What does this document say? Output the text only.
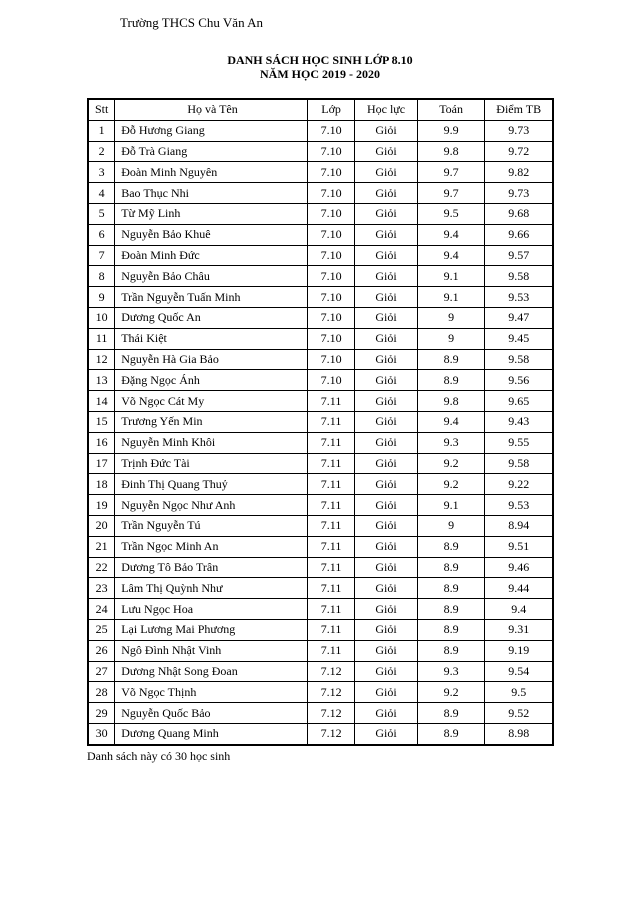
Trường THCS Chu Văn An
DANH SÁCH HỌC SINH LỚP 8.10
NĂM HỌC 2019 - 2020
Stt	Họ và Tên	Lớp	Học lực	Toán	Điểm TB
1	Đỗ Hương Giang	7.10	Giỏi	9.9	9.73
2	Đỗ Trà Giang	7.10	Giỏi	9.8	9.72
3	Đoàn Minh Nguyên	7.10	Giỏi	9.7	9.82
4	Bao Thục Nhi	7.10	Giỏi	9.7	9.73
5	Từ Mỹ Linh	7.10	Giỏi	9.5	9.68
6	Nguyễn Bảo Khuê	7.10	Giỏi	9.4	9.66
7	Đoàn Minh Đức	7.10	Giỏi	9.4	9.57
8	Nguyễn Bảo Châu	7.10	Giỏi	9.1	9.58
9	Trần Nguyễn Tuấn Minh	7.10	Giỏi	9.1	9.53
10	Dương Quốc An	7.10	Giỏi	9	9.47
11	Thái Kiệt	7.10	Giỏi	9	9.45
12	Nguyễn Hà Gia Bảo	7.10	Giỏi	8.9	9.58
13	Đặng Ngọc Ánh	7.10	Giỏi	8.9	9.56
14	Võ Ngọc Cát My	7.11	Giỏi	9.8	9.65
15	Trương Yến Min	7.11	Giỏi	9.4	9.43
16	Nguyễn Minh Khôi	7.11	Giỏi	9.3	9.55
17	Trịnh Đức Tài	7.11	Giỏi	9.2	9.58
18	Đinh Thị Quang Thuỷ	7.11	Giỏi	9.2	9.22
19	Nguyễn Ngọc Như Anh	7.11	Giỏi	9.1	9.53
20	Trần Nguyễn Tú	7.11	Giỏi	9	8.94
21	Trần Ngọc Minh An	7.11	Giỏi	8.9	9.51
22	Dương Tô Bảo Trân	7.11	Giỏi	8.9	9.46
23	Lâm Thị Quỳnh Như	7.11	Giỏi	8.9	9.44
24	Lưu Ngọc Hoa	7.11	Giỏi	8.9	9.4
25	Lại Lương Mai Phương	7.11	Giỏi	8.9	9.31
26	Ngô Đình Nhật Vinh	7.11	Giỏi	8.9	9.19
27	Dương Nhật Song Đoan	7.12	Giỏi	9.3	9.54
28	Võ Ngọc Thịnh	7.12	Giỏi	9.2	9.5
29	Nguyễn Quốc Bảo	7.12	Giỏi	8.9	9.52
30	Dương Quang Minh	7.12	Giỏi	8.9	8.98
Danh sách này có 30 học sinh
